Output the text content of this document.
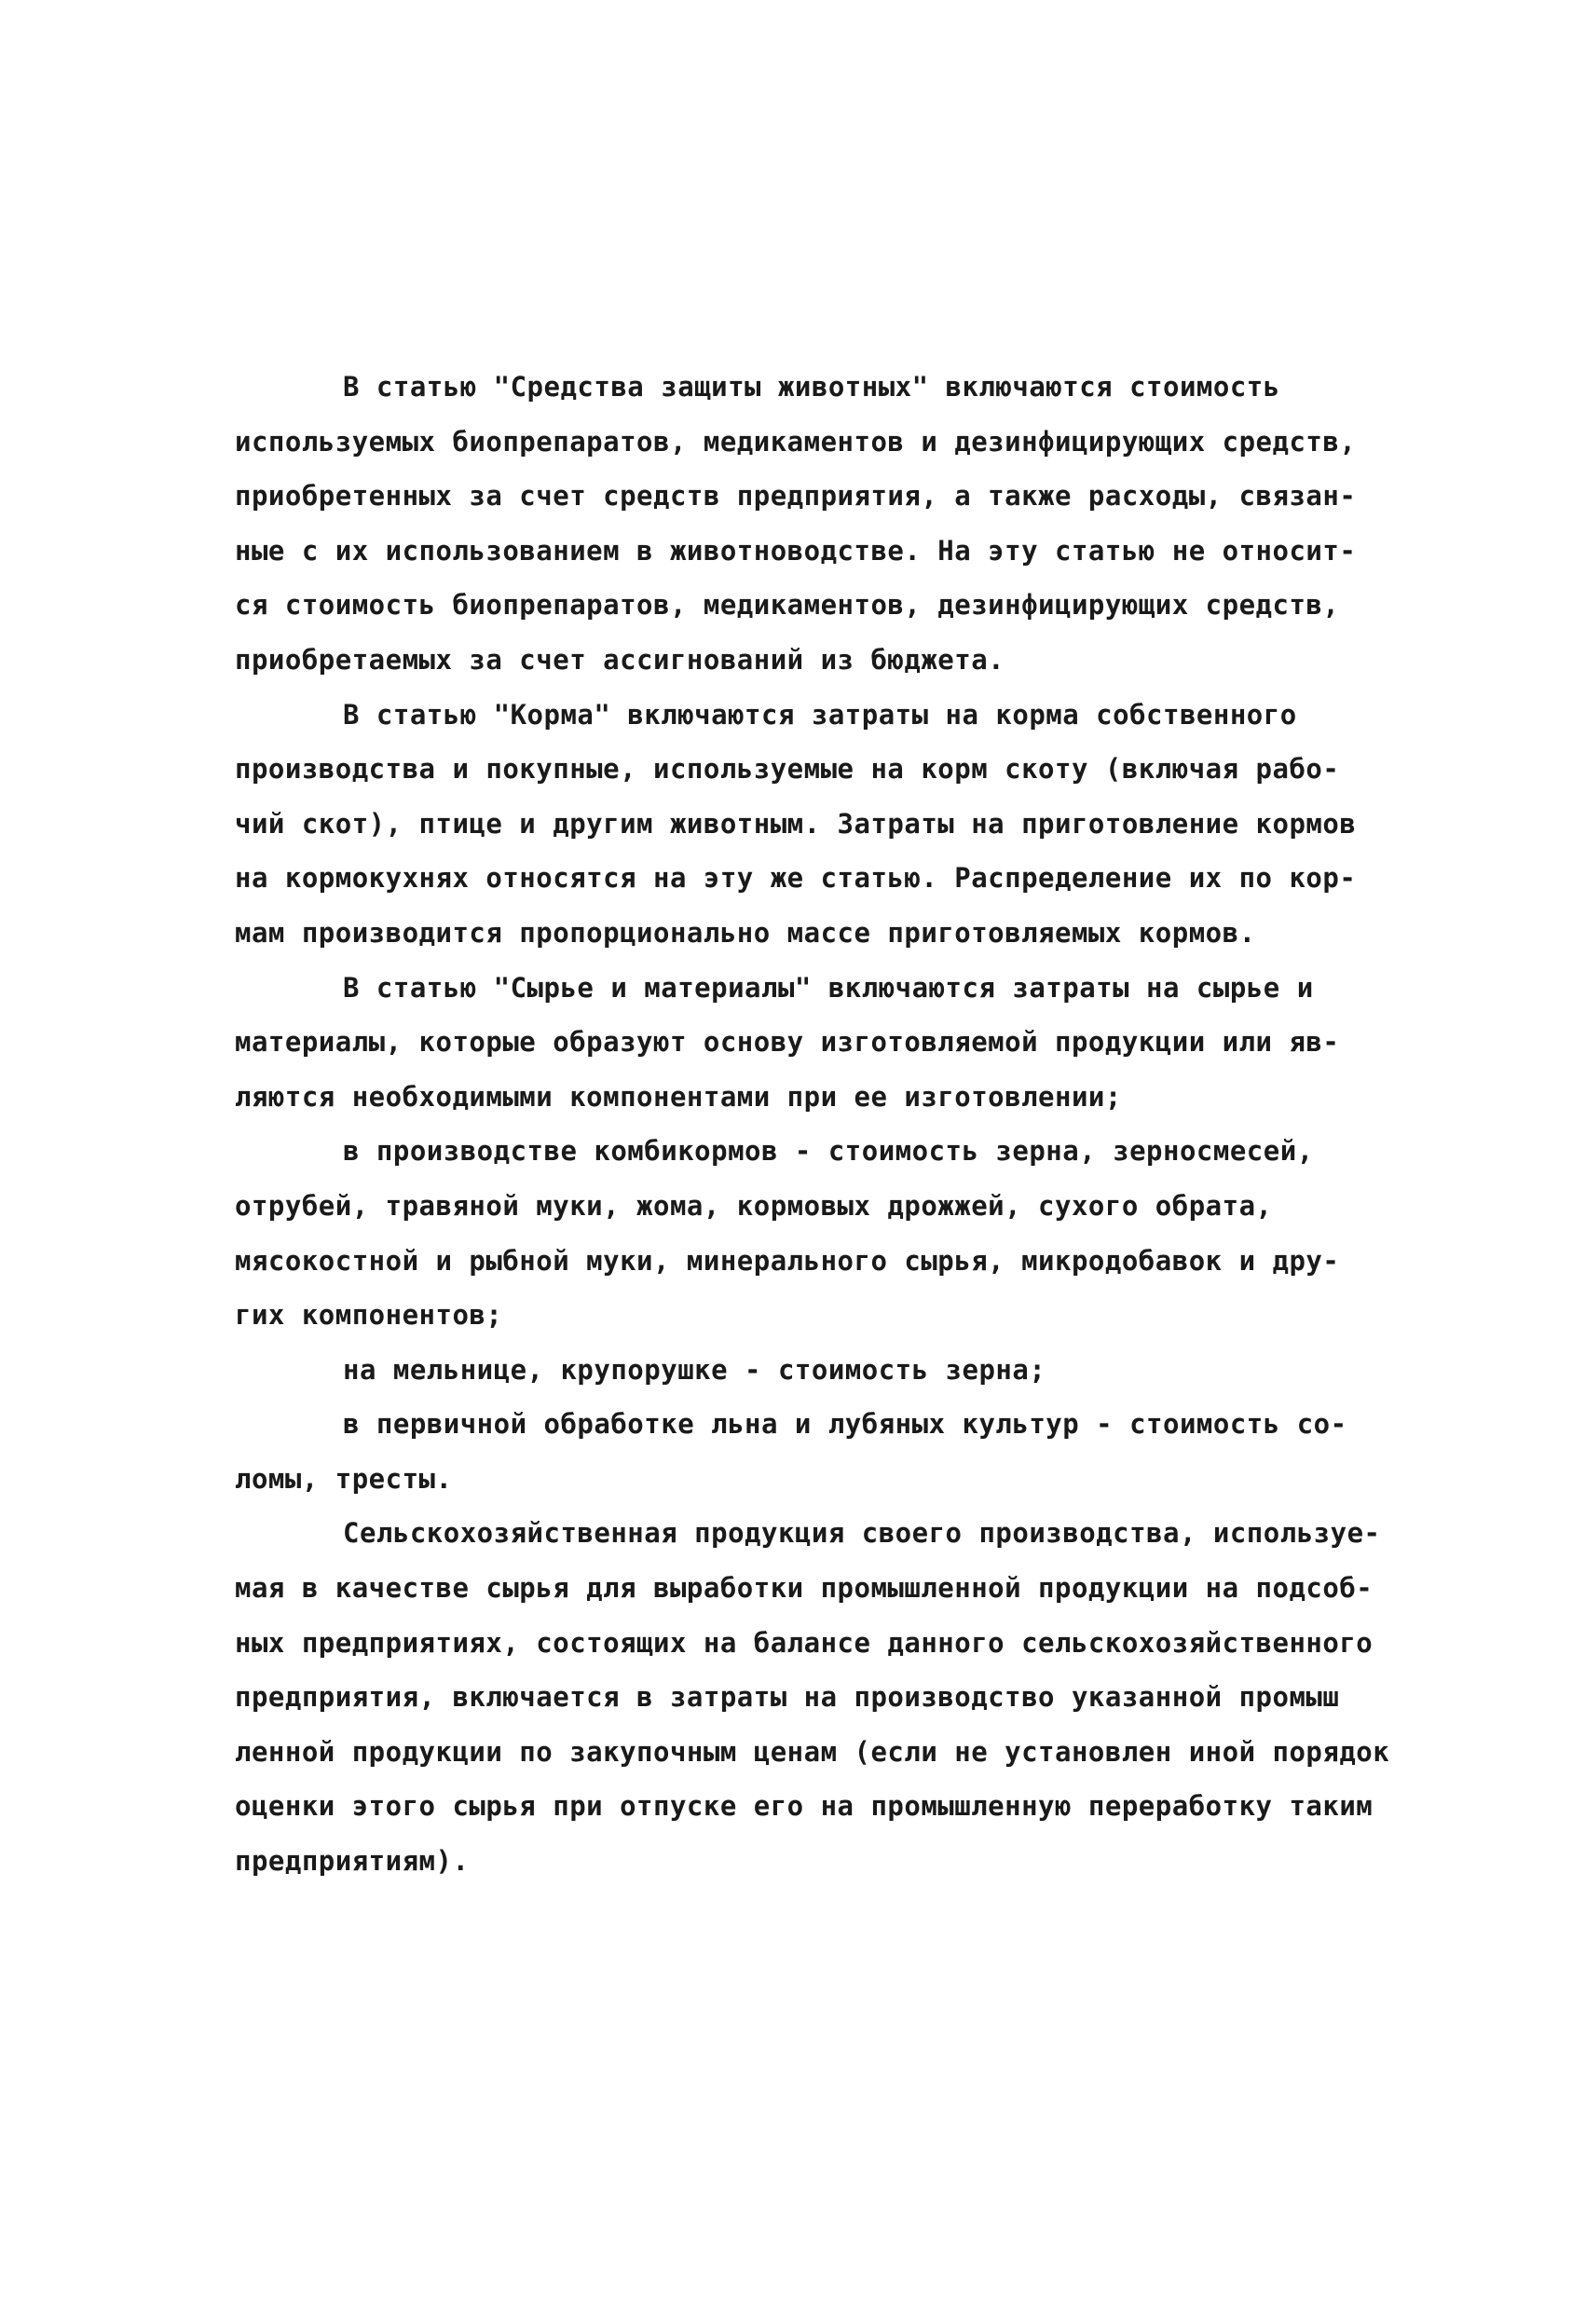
В статью "Средства защиты животных" включаются стоимость
используемых биопрепаратов, медикаментов и дезинфицирующих средств,
приобретенных за счет средств предприятия, а также расходы, связан-
ные с их использованием в животноводстве. На эту статью не относит-
ся стоимость биопрепаратов, медикаментов, дезинфицирующих средств,
приобретаемых за счет ассигнований из бюджета.
В статью "Корма" включаются затраты на корма собственного
производства и покупные, используемые на корм скоту (включая рабо-
чий скот), птице и другим животным. Затраты на приготовление кормов
на кормокухнях относятся на эту же статью. Распределение их по кор-
мам производится пропорционально массе приготовляемых кормов.
В статью "Сырье и материалы" включаются затраты на сырье и
материалы, которые образуют основу изготовляемой продукции или яв-
ляются необходимыми компонентами при ее изготовлении;
в производстве комбикормов - стоимость зерна, зерносмесей,
отрубей, травяной муки, жома, кормовых дрожжей, сухого обрата,
мясокостной и рыбной муки, минерального сырья, микродобавок и дру-
гих компонентов;
на мельнице, крупорушке - стоимость зерна;
в первичной обработке льна и лубяных культур - стоимость со-
ломы, тресты.
Сельскохозяйственная продукция своего производства, используе-
мая в качестве сырья для выработки промышленной продукции на подсоб-
ных предприятиях, состоящих на балансе данного сельскохозяйственного
предприятия, включается в затраты на производство указанной промыш
ленной продукции по закупочным ценам (если не установлен иной порядок
оценки этого сырья при отпуске его на промышленную переработку таким
предприятиям).
